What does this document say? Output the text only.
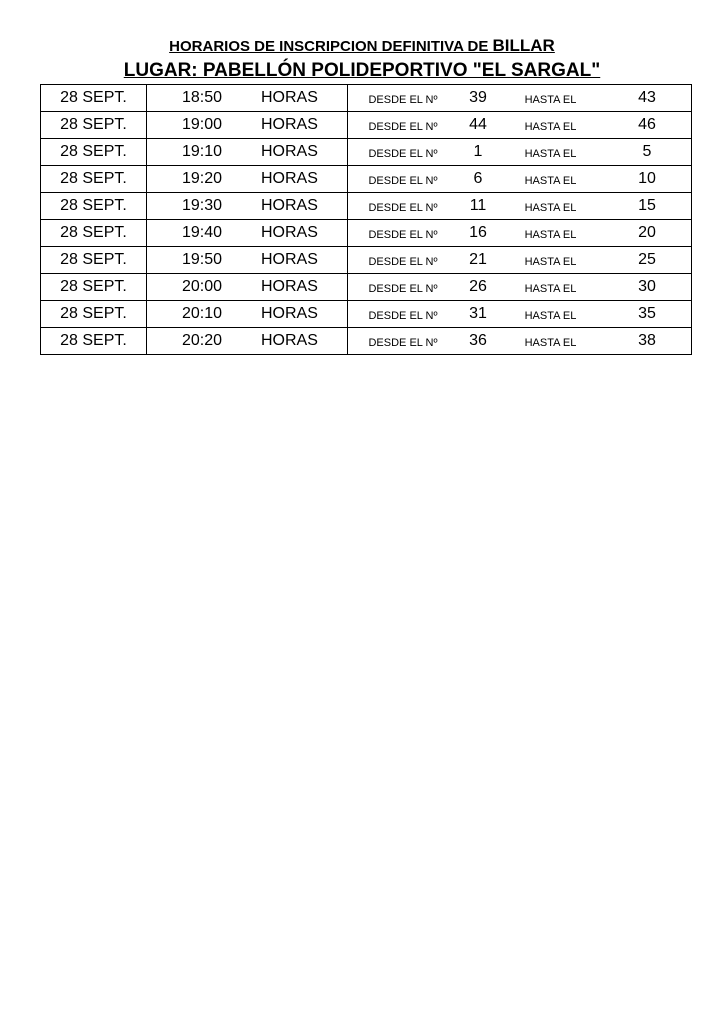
HORARIOS DE INSCRIPCION DEFINITIVA DE BILLAR
LUGAR: PABELLÓN POLIDEPORTIVO "EL SARGAL"
28 SEPT.	18:50	HORAS	DESDE EL Nº	39	HASTA EL	43
28 SEPT.	19:00	HORAS	DESDE EL Nº	44	HASTA EL	46
28 SEPT.	19:10	HORAS	DESDE EL Nº	1	HASTA EL	5
28 SEPT.	19:20	HORAS	DESDE EL Nº	6	HASTA EL	10
28 SEPT.	19:30	HORAS	DESDE EL Nº	11	HASTA EL	15
28 SEPT.	19:40	HORAS	DESDE EL Nº	16	HASTA EL	20
28 SEPT.	19:50	HORAS	DESDE EL Nº	21	HASTA EL	25
28 SEPT.	20:00	HORAS	DESDE EL Nº	26	HASTA EL	30
28 SEPT.	20:10	HORAS	DESDE EL Nº	31	HASTA EL	35
28 SEPT.	20:20	HORAS	DESDE EL Nº	36	HASTA EL	38
